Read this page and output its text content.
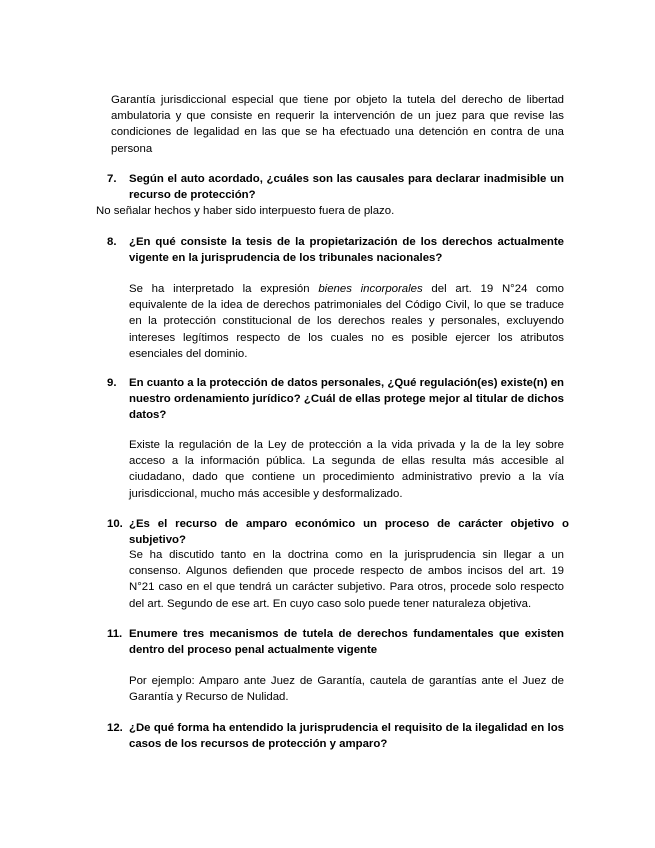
Garantía jurisdiccional especial que tiene por objeto la tutela del derecho de libertad ambulatoria y que consiste en requerir la intervención de un juez para que revise las condiciones de legalidad en las que se ha efectuado una detención en contra de una persona
7. Según el auto acordado, ¿cuáles son las causales para declarar inadmisible un recurso de protección?
No señalar hechos y haber sido interpuesto fuera de plazo.
8. ¿En qué consiste la tesis de la propietarización de los derechos actualmente vigente en la jurisprudencia de los tribunales nacionales?
Se ha interpretado la expresión bienes incorporales del art. 19 N°24 como equivalente de la idea de derechos patrimoniales del Código Civil, lo que se traduce en la protección constitucional de los derechos reales y personales, excluyendo intereses legítimos respecto de los cuales no es posible ejercer los atributos esenciales del dominio.
9. En cuanto a la protección de datos personales, ¿Qué regulación(es) existe(n) en nuestro ordenamiento jurídico? ¿Cuál de ellas protege mejor al titular de dichos datos?
Existe la regulación de la Ley de protección a la vida privada y la de la ley sobre acceso a la información pública. La segunda de ellas resulta más accesible al ciudadano, dado que contiene un procedimiento administrativo previo a la vía jurisdiccional, mucho más accesible y desformalizado.
10. ¿Es el recurso de amparo económico un proceso de carácter objetivo o subjetivo?
Se ha discutido tanto en la doctrina como en la jurisprudencia sin llegar a un consenso. Algunos defienden que procede respecto de ambos incisos del art. 19 N°21 caso en el que tendrá un carácter subjetivo. Para otros, procede solo respecto del art. Segundo de ese art. En cuyo caso solo puede tener naturaleza objetiva.
11. Enumere tres mecanismos de tutela de derechos fundamentales que existen dentro del proceso penal actualmente vigente
Por ejemplo: Amparo ante Juez de Garantía, cautela de garantías ante el Juez de Garantía y Recurso de Nulidad.
12. ¿De qué forma ha entendido la jurisprudencia el requisito de la ilegalidad en los casos de los recursos de protección y amparo?
